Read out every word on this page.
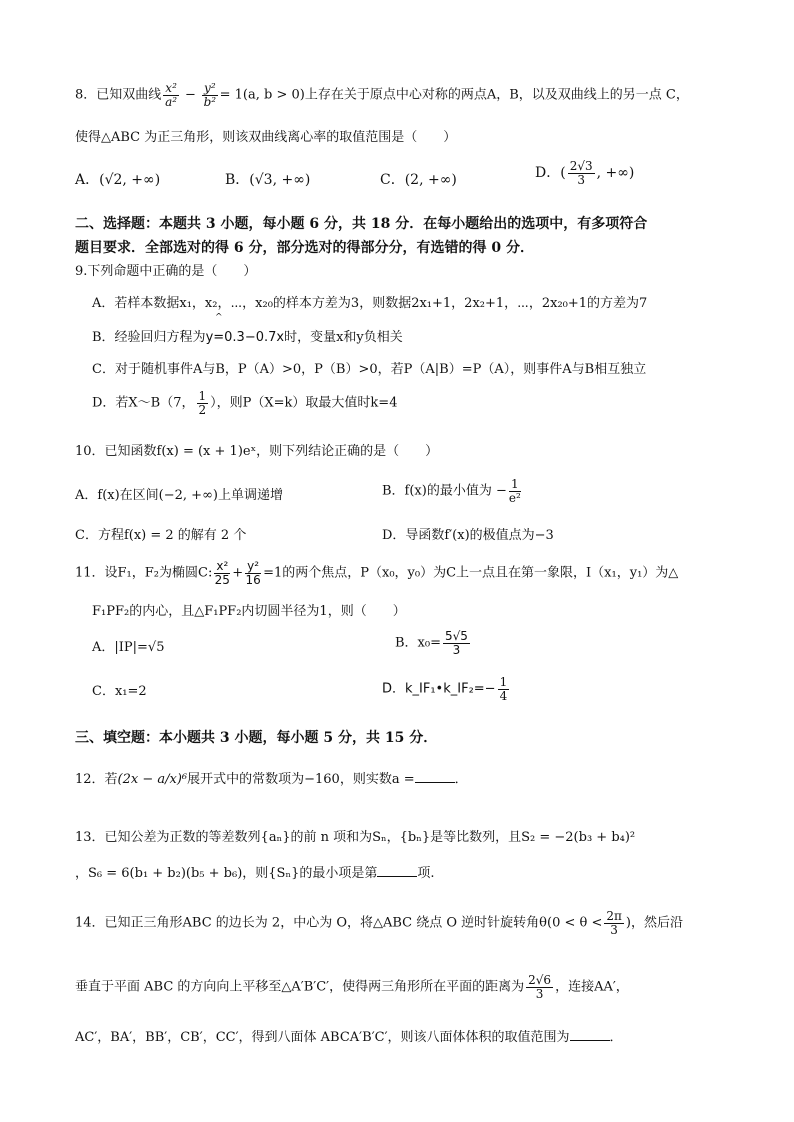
8．已知双曲线 $\frac{\text{x²}}{\text{a²}} - \frac{\text{y²}}{\text{b²}} = 1(a$, b > 0)上存在关于原点中心对称的两点A，B，以及双曲线上的另一点 C，
使得△ABC 为正三角形，则该双曲线离心率的取值范围是（　　）
A．(√2, +∞)	B．(√3, +∞)	C．(2, +∞)	D．( $\frac{2√3}{3}$ , +∞)
二、选择题：本题共 3 小题，每小题 6 分，共 18 分．在每小题给出的选项中，有多项符合
题目要求．全部选对的得 6 分，部分选对的得部分分，有选错的得 0 分．
9.下列命题中正确的是（　　）
A．若样本数据x₁，x₂，⋯，x₂₀的样本方差为3，则数据2x₁+1，2x₂+1，⋯，2x₂₀+1的方差为7
^
B．经验回归方程为y=0.3−0.7x时，变量x和y负相关
C．对于随机事件A与B，P（A）>0，P（B）>0，若P（A|B）=P（A），则事件A与B相互独立
D．若X～B（7， $\frac{1}{2}$ ），则P（X=k）取最大值时k=4
10．已知函数f(x) = (x + 1)eˣ，则下列结论正确的是（　　）
A．f(x)在区间(−2, +∞)上单调递增	B．f(x)的最小值为 − $\frac{1}{\text{e²}}$
C．方程f(x) = 2 的解有 2 个	D．导函数f′(x)的极值点为−3
11．设F₁，F₂为椭圆C: $\frac{\text{x²}}{25} + \frac{\text{y²}}{16} =1$的两个焦点，P（x₀，y₀）为C上一点且在第一象限，I（x₁，y₁）为△
F₁PF₂的内心，且△F₁PF₂内切圆半径为1，则（　　）
A．|IP|=√5	B．$x_0= \frac{5√5}{3}$
C．x₁=2	D．k_IF₁•k_IF₂=− $\frac{1}{4}$
三、填空题：本小题共 3 小题，每小题 5 分，共 15 分．
12．若(2x − a/x)⁶展开式中的常数项为−160，则实数a =	．
13．已知公差为正数的等差数列{aₙ}的前 n 项和为Sₙ，{bₙ}是等比数列，且S₂ = −2(b₃ + b₄)²
，S₆ = 6(b₁ + b₂)(b₅ + b₆)，则{Sₙ}的最小项是第	项.
14．已知正三角形ABC 的边长为 2，中心为 O，将△ABC 绕点 O 逆时针旋转角$\theta(0 < \theta < \frac{2\pi}{3}$ )，然后沿
垂直于平面 ABC 的方向向上平移至△A′B′C′，使得两三角形所在平面的距离为 $\frac{2√6}{3}$ ，连接AA′，
AC′，BA′，BB′，CB′，CC′，得到八面体 ABCA′B′C′，则该八面体体积的取值范围为	．
